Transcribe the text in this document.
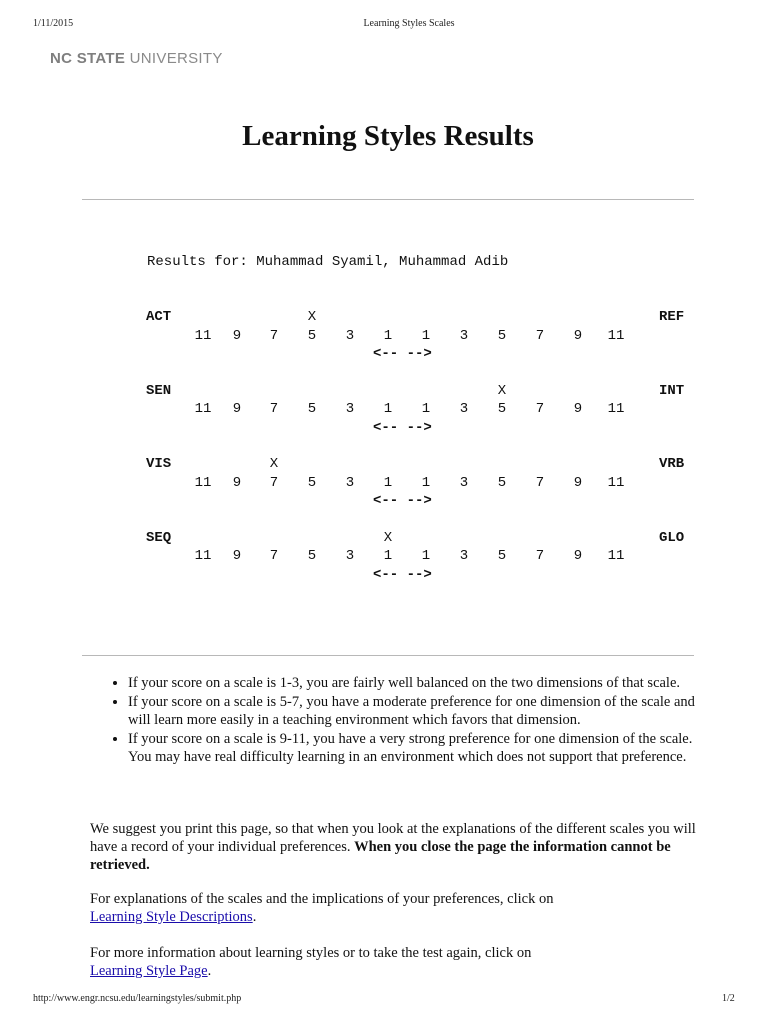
1/11/2015	Learning Styles Scales
NC STATE UNIVERSITY
Learning Styles Results
Results for: Muhammad Syamil, Muhammad Adib
ACT	REF
X
11	9	7	5	3	1	1	3	5	7	9	11
<-- -->
SEN	INT
X
11	9	7	5	3	1	1	3	5	7	9	11
<-- -->
VIS	VRB
X
11	9	7	5	3	1	1	3	5	7	9	11
<-- -->
SEQ	GLO
X
11	9	7	5	3	1	1	3	5	7	9	11
<-- -->
• If your score on a scale is 1-3, you are fairly well balanced on the two dimensions of that scale.
• If your score on a scale is 5-7, you have a moderate preference for one dimension of the scale and will learn more easily in a teaching environment which favors that dimension.
• If your score on a scale is 9-11, you have a very strong preference for one dimension of the scale. You may have real difficulty learning in an environment which does not support that preference.
We suggest you print this page, so that when you look at the explanations of the different scales you will have a record of your individual preferences. When you close the page the information cannot be retrieved.
For explanations of the scales and the implications of your preferences, click on
Learning Style Descriptions.
For more information about learning styles or to take the test again, click on
Learning Style Page.
http://www.engr.ncsu.edu/learningstyles/submit.php	1/2
